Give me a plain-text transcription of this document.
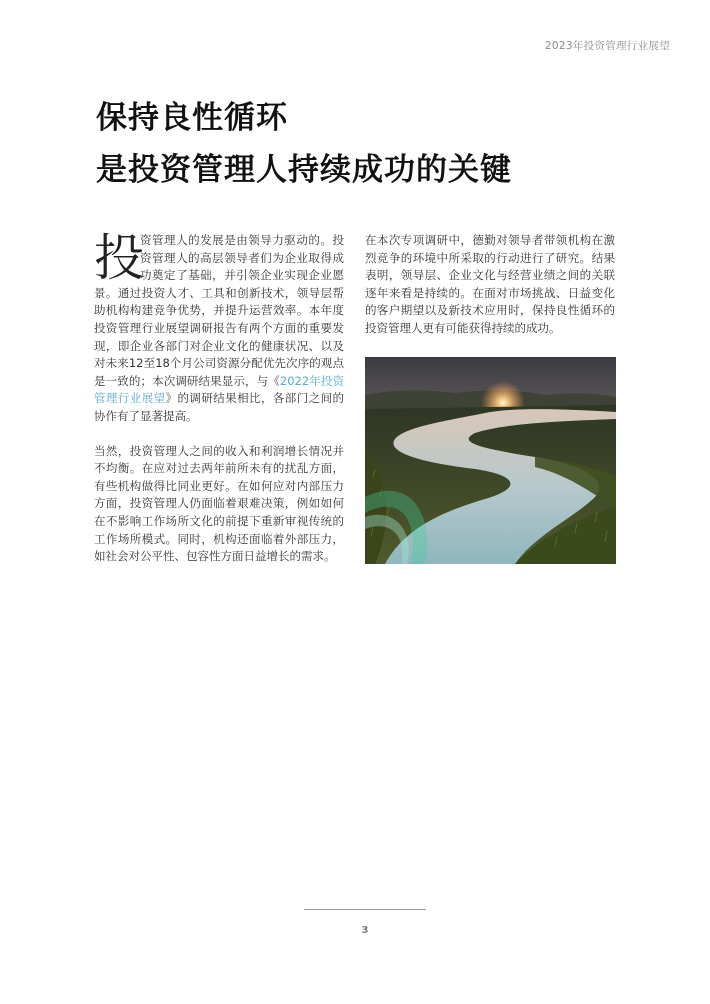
2023年投资管理行业展望
保持良性循环
是投资管理人持续成功的关键

投
资管理人的发展是由领导力驱动的。投资管理人的高层领导者们为企业取得成功奠定了基础，并引领企业实现企业愿景。通过投资人才、工具和创新技术，领导层帮助机构构建竞争优势，并提升运营效率。本年度投资管理行业展望调研报告有两个方面的重要发现，即企业各部门对企业文化的健康状况、以及对未来12至18个月公司资源分配优先次序的观点是一致的；本次调研结果显示，与《2022年投资管理行业展望》的调研结果相比，各部门之间的协作有了显著提高。

当然，投资管理人之间的收入和利润增长情况并不均衡。在应对过去两年前所未有的扰乱方面，有些机构做得比同业更好。在如何应对内部压力方面，投资管理人仍面临着艰难决策，例如如何在不影响工作场所文化的前提下重新审视传统的工作场所模式。同时，机构还面临着外部压力，如社会对公平性、包容性方面日益增长的需求。

在本次专项调研中，德勤对领导者带领机构在激烈竞争的环境中所采取的行动进行了研究。结果表明，领导层、企业文化与经营业绩之间的关联逐年来看是持续的。在面对市场挑战、日益变化的客户期望以及新技术应用时，保持良性循环的投资管理人更有可能获得持续的成功。

3
